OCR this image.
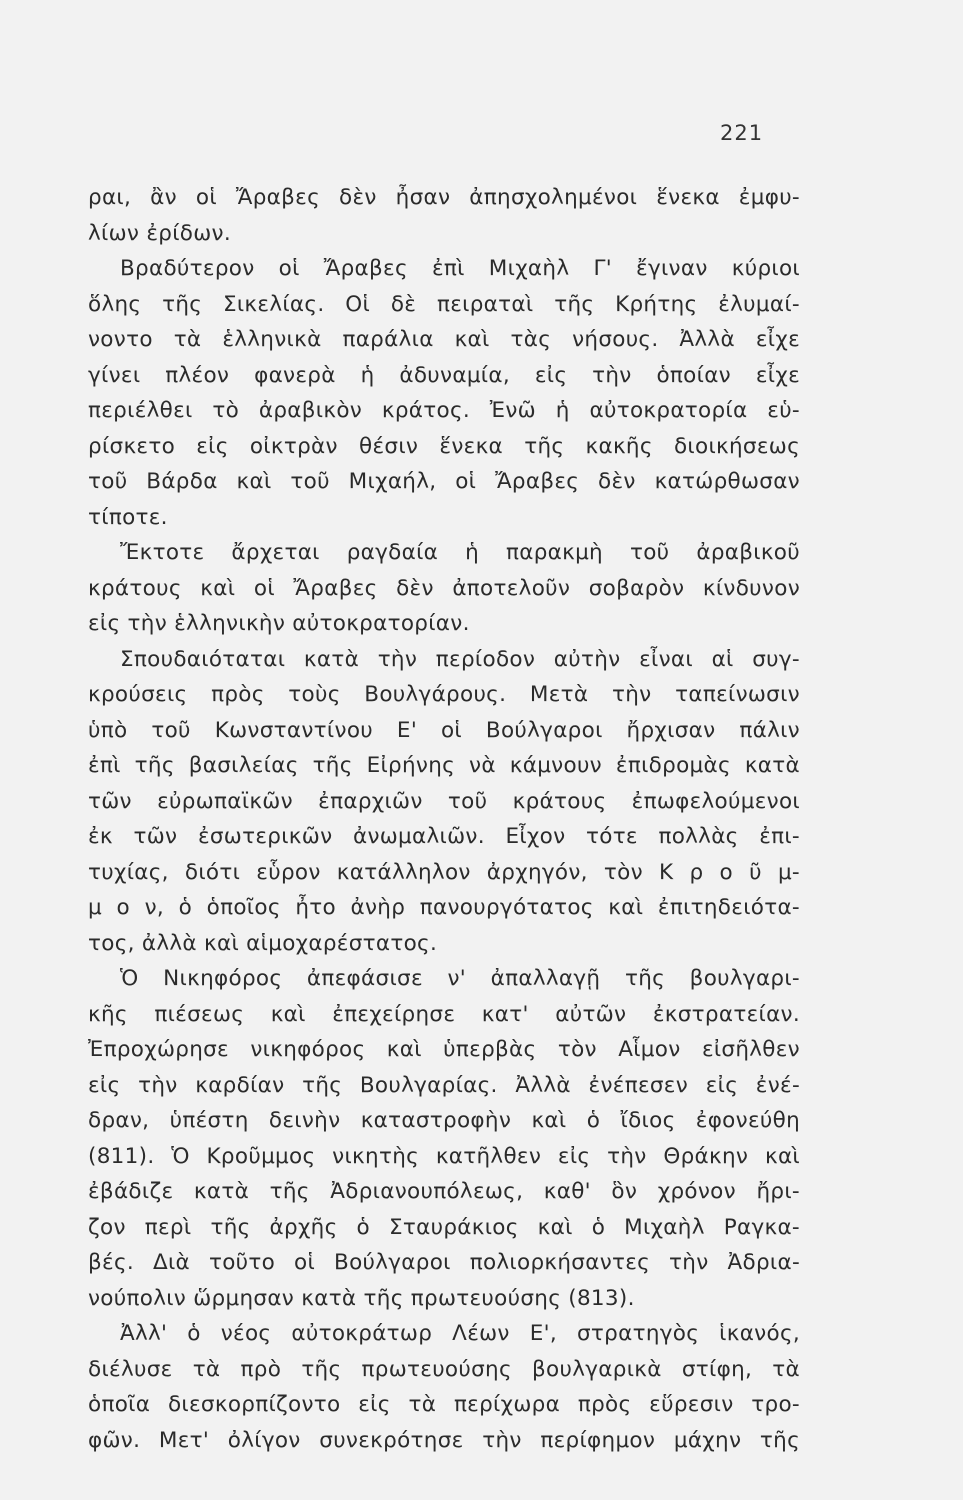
221
ραι, ἂν οἱ Ἄραβες δὲν ἦσαν ἀπησχολημένοι ἕνεκα ἐμφυ-
λίων ἐρίδων.
Βραδύτερον οἱ Ἄραβες ἐπὶ Μιχαὴλ Γ' ἔγιναν κύριοι
ὅλης τῆς Σικελίας. Οἱ δὲ πειραταὶ τῆς Κρήτης ἐλυμαί-
νοντο τὰ ἑλληνικὰ παράλια καὶ τὰς νήσους. Ἀλλὰ εἶχε
γίνει πλέον φανερὰ ἡ ἀδυναμία, εἰς τὴν ὁποίαν εἶχε
περιέλθει τὸ ἀραβικὸν κράτος. Ἐνῶ ἡ αὐτοκρατορία εὑ-
ρίσκετο εἰς οἰκτρὰν θέσιν ἕνεκα τῆς κακῆς διοικήσεως
τοῦ Βάρδα καὶ τοῦ Μιχαήλ, οἱ Ἄραβες δὲν κατώρθωσαν
τίποτε.
Ἔκτοτε ἄρχεται ραγδαία ἡ παρακμὴ τοῦ ἀραβικοῦ
κράτους καὶ οἱ Ἄραβες δὲν ἀποτελοῦν σοβαρὸν κίνδυνον
εἰς τὴν ἑλληνικὴν αὐτοκρατορίαν.
Σπουδαιόταται κατὰ τὴν περίοδον αὐτὴν εἶναι αἱ συγ-
κρούσεις πρὸς τοὺς Βουλγάρους. Μετὰ τὴν ταπείνωσιν
ὑπὸ τοῦ Κωνσταντίνου Ε' οἱ Βούλγαροι ἤρχισαν πάλιν
ἐπὶ τῆς βασιλείας τῆς Εἰρήνης νὰ κάμνουν ἐπιδρομὰς κατὰ
τῶν εὐρωπαϊκῶν ἐπαρχιῶν τοῦ κράτους ἐπωφελούμενοι
ἐκ τῶν ἐσωτερικῶν ἀνωμαλιῶν. Εἶχον τότε πολλὰς ἐπι-
τυχίας, διότι εὗρον κατάλληλον ἀρχηγόν, τὸν Κ ρ ο ῦ μ-
μ ο ν, ὁ ὁποῖος ἦτο ἀνὴρ πανουργότατος καὶ ἐπιτηδειότα-
τος, ἀλλὰ καὶ αἱμοχαρέστατος.
Ὁ Νικηφόρος ἀπεφάσισε ν' ἀπαλλαγῇ τῆς βουλγαρι-
κῆς πιέσεως καὶ ἐπεχείρησε κατ' αὐτῶν ἐκστρατείαν.
Ἐπροχώρησε νικηφόρος καὶ ὑπερβὰς τὸν Αἷμον εἰσῆλθεν
εἰς τὴν καρδίαν τῆς Βουλγαρίας. Ἀλλὰ ἐνέπεσεν εἰς ἐνέ-
δραν, ὑπέστη δεινὴν καταστροφὴν καὶ ὁ ἴδιος ἐφονεύθη
(811). Ὁ Κροῦμμος νικητὴς κατῆλθεν εἰς τὴν Θράκην καὶ
ἐβάδιζε κατὰ τῆς Ἀδριανουπόλεως, καθ' ὃν χρόνον ἤρι-
ζον περὶ τῆς ἀρχῆς ὁ Σταυράκιος καὶ ὁ Μιχαὴλ Ραγκα-
βές. Διὰ τοῦτο οἱ Βούλγαροι πολιορκήσαντες τὴν Ἀδρια-
νούπολιν ὥρμησαν κατὰ τῆς πρωτευούσης (813).
Ἀλλ' ὁ νέος αὐτοκράτωρ Λέων Ε', στρατηγὸς ἱκανός,
διέλυσε τὰ πρὸ τῆς πρωτευούσης βουλγαρικὰ στίφη, τὰ
ὁποῖα διεσκορπίζοντο εἰς τὰ περίχωρα πρὸς εὕρεσιν τρο-
φῶν. Μετ' ὀλίγον συνεκρότησε τὴν περίφημον μάχην τῆς
